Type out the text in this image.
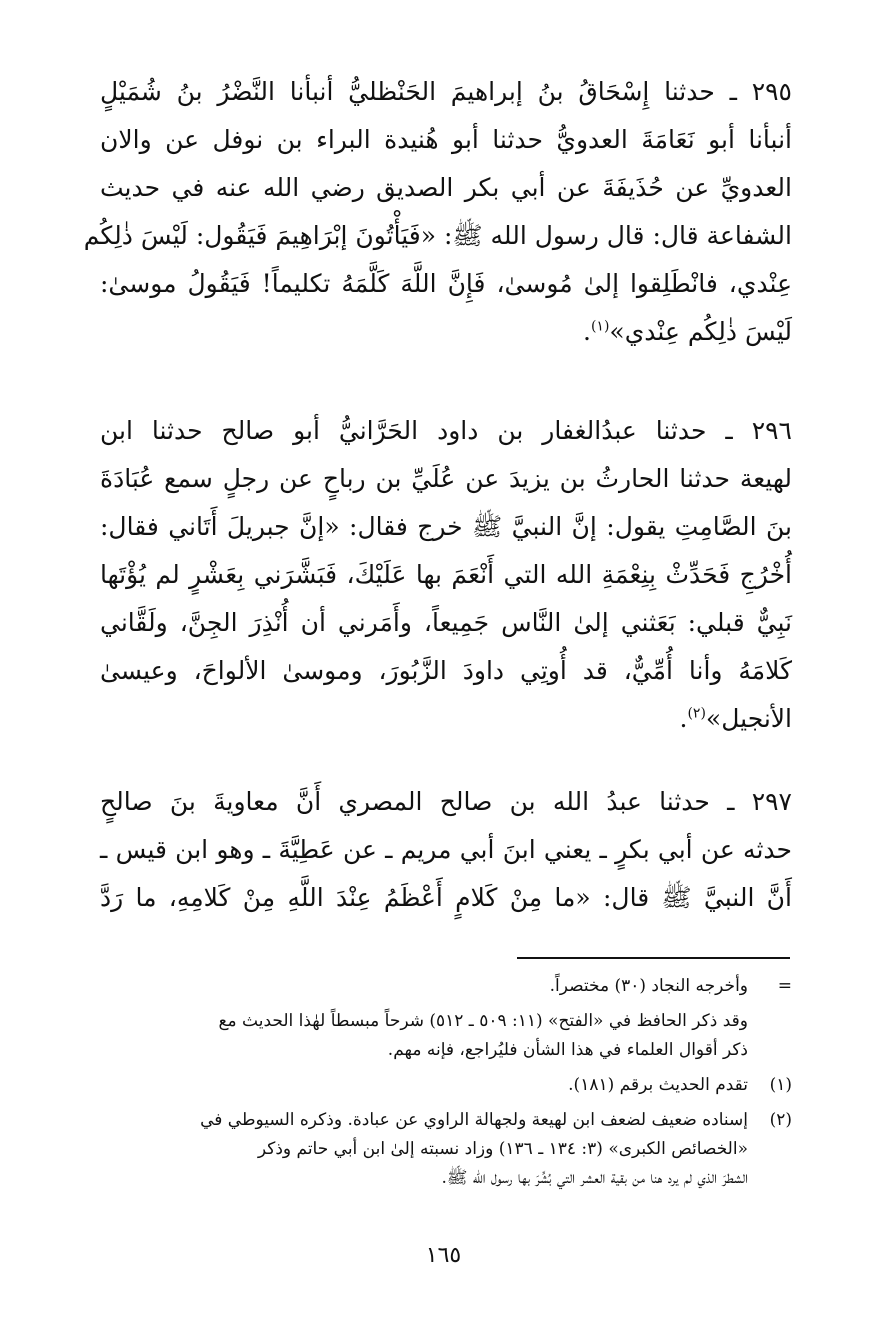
٢٩٥ ـ حدثنا إِسْحَاقُ بنُ إبراهيمَ الحَنْظليُّ أنبأنا النَّضْرُ بنُ شُمَيْلٍ
أنبأنا أبو نَعَامَةَ العدويُّ حدثنا أبو هُنيدة البراء بن نوفل عن والان
العدويِّ عن حُذَيفَةَ عن أبي بكر الصديق رضي الله عنه في حديث
الشفاعة قال: قال رسول الله ﷺ: «فَيَأْتُونَ إبْرَاهِيمَ فَيَقُول: لَيْسَ ذٰلِكُم
عِنْدي، فانْطَلِقوا إلىٰ مُوسىٰ، فَإِنَّ اللَّهَ كَلَّمَهُ تكليماً! فَيَقُولُ موسىٰ:
لَيْسَ ذٰلِكُم عِنْدي»$^{(١)}$.
٢٩٦ ـ حدثنا عبدُالغفار بن داود الحَرَّانيُّ أبو صالح حدثنا ابن
لهيعة حدثنا الحارثُ بن يزيدَ عن عُلَيِّ بن رباحٍ عن رجلٍ سمع عُبَادَةَ
بنَ الصَّامِتِ يقول: إنَّ النبيَّ ﷺ خرج فقال: «إنَّ جبريلَ أَتَاني فقال:
أُخْرُجِ فَحَدِّثْ بِنِعْمَةِ الله التي أَنْعَمَ بها عَلَيْكَ، فَبَشَّرَني بِعَشْرٍ لم يُؤْتَها
نَبِيٌّ قبلي: بَعَثني إلىٰ النَّاس جَمِيعاً، وأَمَرني أن أُنْذِرَ الجِنَّ، ولَقَّاني
كَلامَهُ وأنا أُمِّيٌّ، قد أُوتِي داودَ الزَّبُورَ، وموسىٰ الألواحَ، وعيسىٰ
الأنجيل»$^{(٢)}$.
٢٩٧ ـ حدثنا عبدُ الله بن صالح المصري أَنَّ معاويةَ بنَ صالحٍ
حدثه عن أبي بكرٍ ـ يعني ابنَ أبي مريم ـ عن عَطِيَّةَ ـ وهو ابن قيس ـ
أَنَّ النبيَّ ﷺ قال: «ما مِنْ كَلامٍ أَعْظَمُ عِنْدَ اللَّهِ مِنْ كَلامِهِ، ما رَدَّ
=
وأخرجه النجاد (٣٠) مختصراً.
وقد ذكر الحافظ في «الفتح» (١١: ٥٠٩ ـ ٥١٢) شرحاً مبسطاً لهٰذا الحديث مع
ذكر أقوال العلماء في هذا الشأن فليُراجع، فإنه مهم.
(١)
تقدم الحديث برقم (١٨١).
(٢)
إسناده ضعيف لضعف ابن لهيعة ولجهالة الراوي عن عبادة. وذكره السيوطي في
«الخصائص الكبرى» (٣: ١٣٤ ـ ١٣٦) وزاد نسبته إلىٰ ابن أبي حاتم وذكر
الشطرَ الذي لم يرد هنا من بقية العشر التي بُشِّرَ بها رسول الله ﷺ.
١٦٥
